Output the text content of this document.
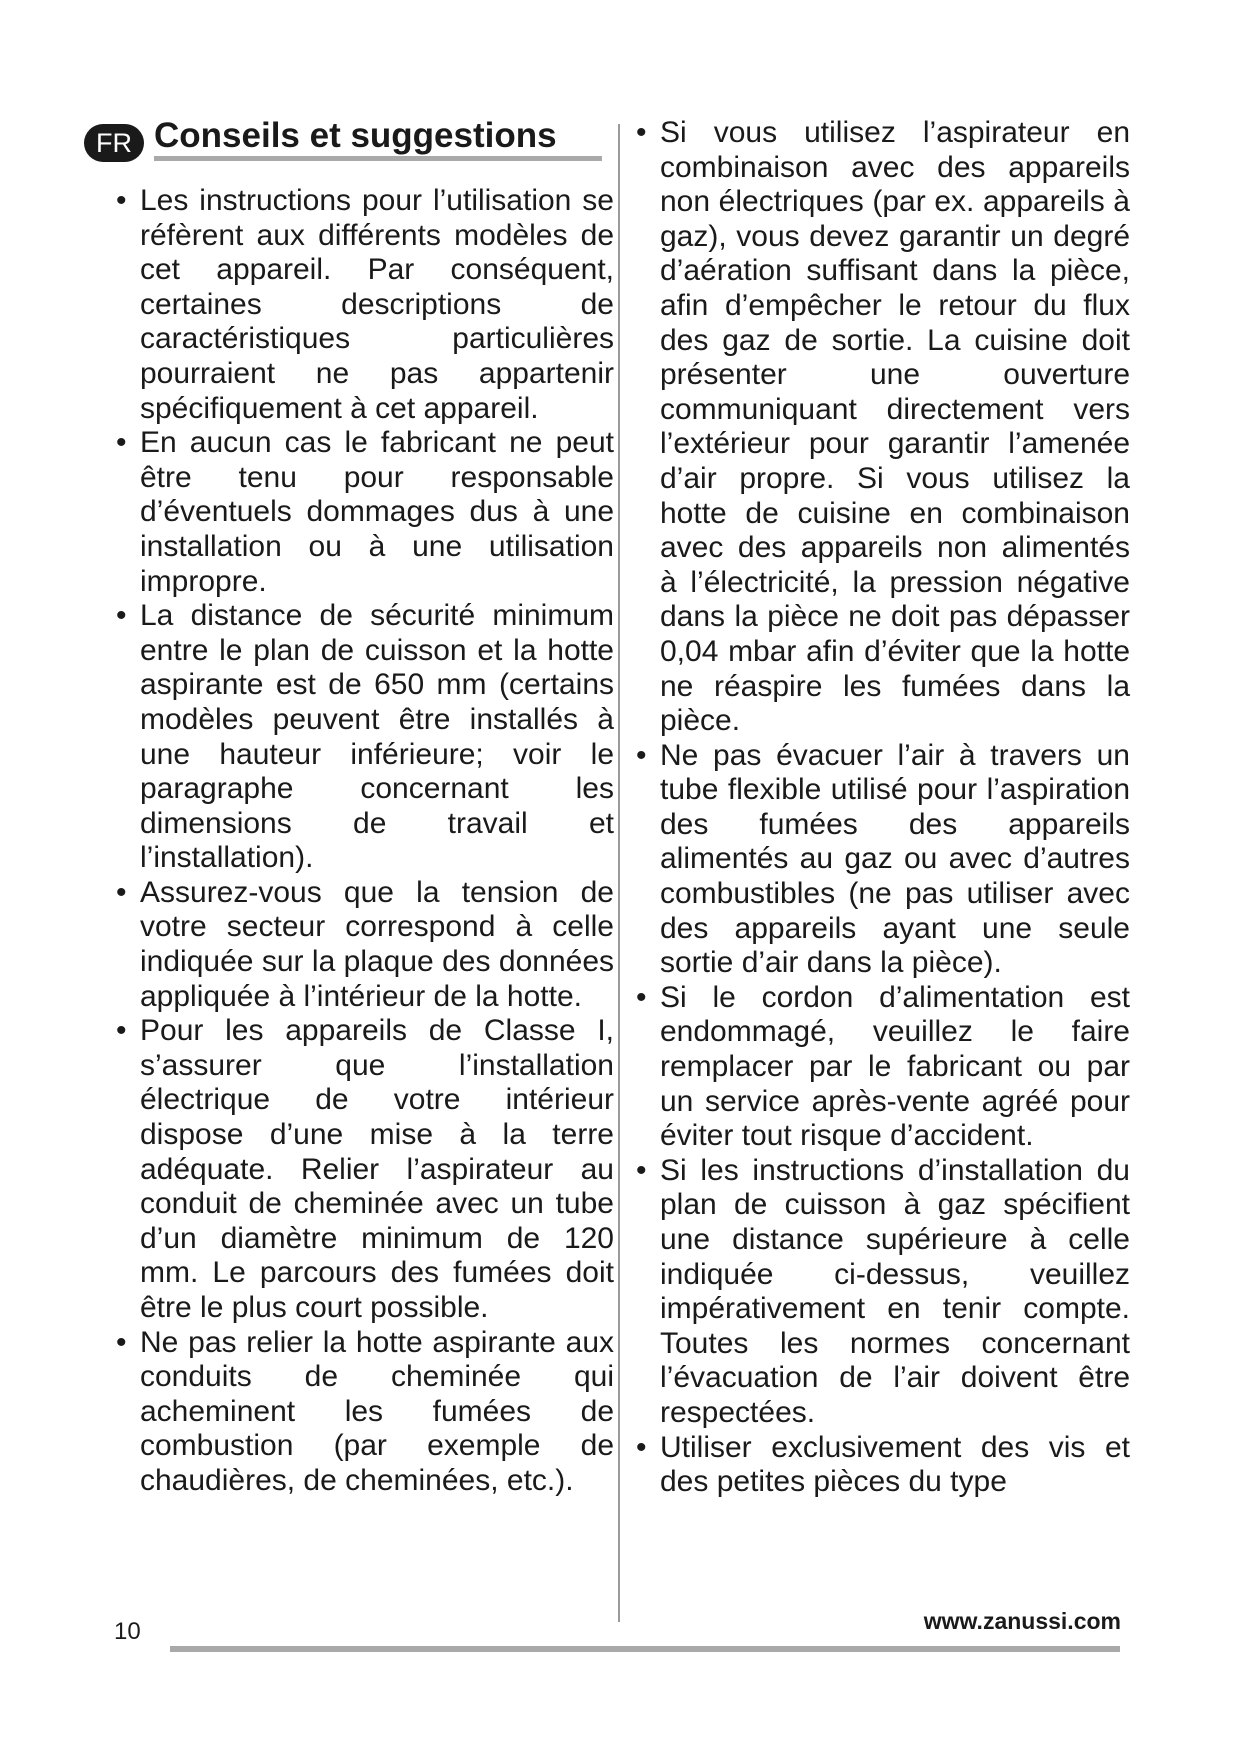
FR Conseils et suggestions
• Les instructions pour l’utilisation se réfèrent aux différents modèles de cet appareil. Par conséquent, certaines descriptions de caractéristiques particulières pourraient ne pas appartenir spécifiquement à cet appareil.
• En aucun cas le fabricant ne peut être tenu pour responsable d’éventuels dommages dus à une installation ou à une utilisation impropre.
• La distance de sécurité minimum entre le plan de cuisson et la hotte aspirante est de 650 mm (certains modèles peuvent être installés à une hauteur inférieure; voir le paragraphe concernant les dimensions de travail et l’installation).
• Assurez-vous que la tension de votre secteur correspond à celle indiquée sur la plaque des données appliquée à l’intérieur de la hotte.
• Pour les appareils de Classe I, s’assurer que l’installation électrique de votre intérieur dispose d’une mise à la terre adéquate. Relier l’aspirateur au conduit de cheminée avec un tube d’un diamètre minimum de 120 mm. Le parcours des fumées doit être le plus court possible.
• Ne pas relier la hotte aspirante aux conduits de cheminée qui acheminent les fumées de combustion (par exemple de chaudières, de cheminées, etc.).
• Si vous utilisez l’aspirateur en combinaison avec des appareils non électriques (par ex. appareils à gaz), vous devez garantir un degré d’aération suffisant dans la pièce, afin d’empêcher le retour du flux des gaz de sortie. La cuisine doit présenter une ouverture communiquant directement vers l’extérieur pour garantir l’amenée d’air propre. Si vous utilisez la hotte de cuisine en combinaison avec des appareils non alimentés à l’électricité, la pression négative dans la pièce ne doit pas dépasser 0,04 mbar afin d’éviter que la hotte ne réaspire les fumées dans la pièce.
• Ne pas évacuer l’air à travers un tube flexible utilisé pour l’aspiration des fumées des appareils alimentés au gaz ou avec d’autres combustibles (ne pas utiliser avec des appareils ayant une seule sortie d’air dans la pièce).
• Si le cordon d’alimentation est endommagé, veuillez le faire remplacer par le fabricant ou par un service après-vente agréé pour éviter tout risque d’accident.
• Si les instructions d’installation du plan de cuisson à gaz spécifient une distance supérieure à celle indiquée ci-dessus, veuillez impérativement en tenir compte. Toutes les normes concernant l’évacuation de l’air doivent être respectées.
• Utiliser exclusivement des vis et des petites pièces du type
10	www.zanussi.com
